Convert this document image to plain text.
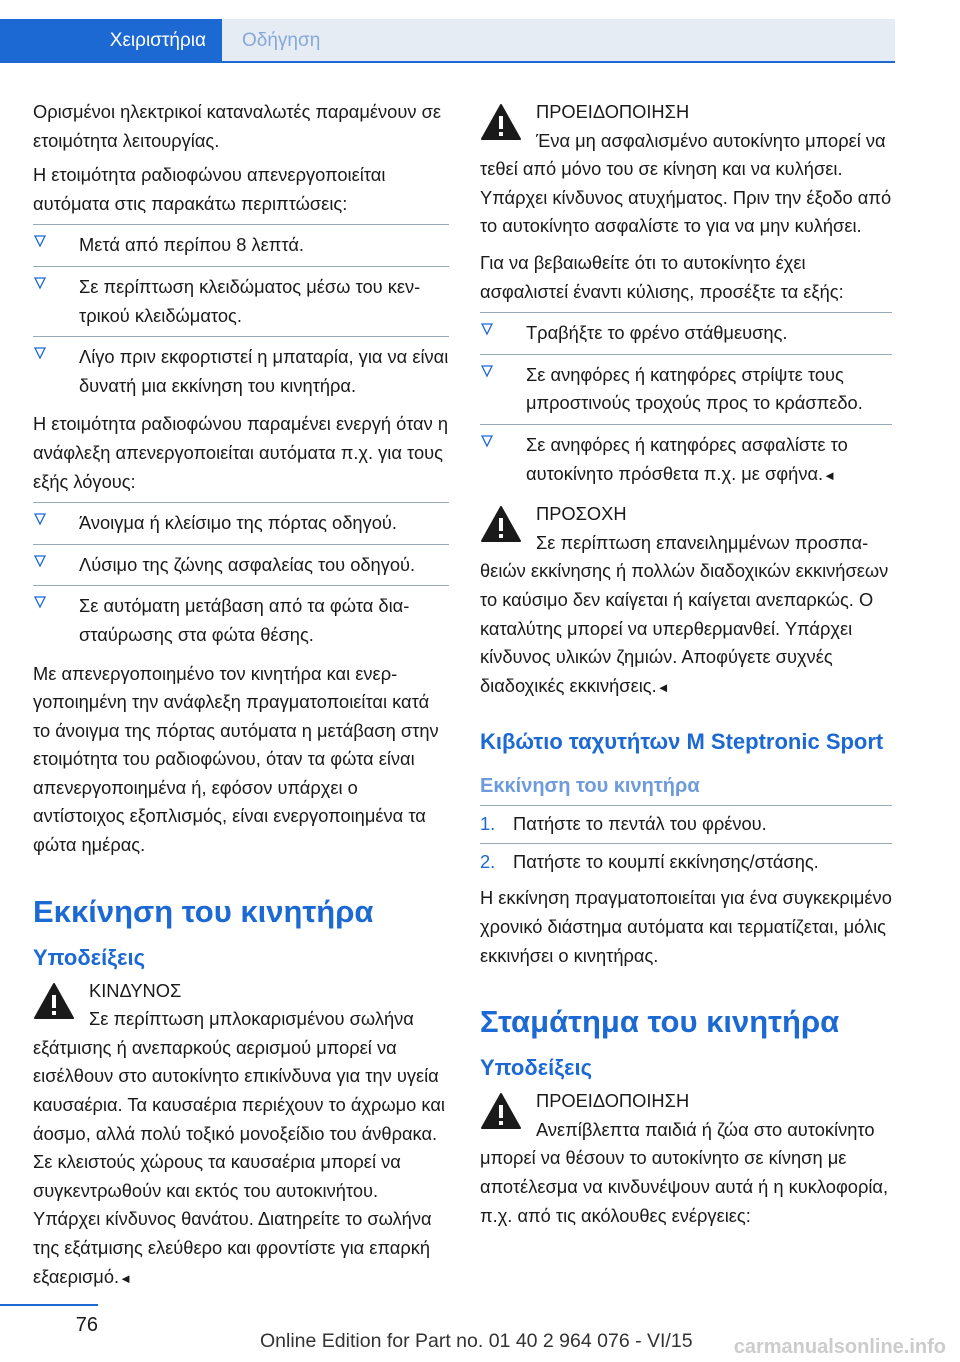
Χειριστήρια	Οδήγηση

Ορισμένοι ηλεκτρικοί καταναλωτές παραμένουν σε ετοιμότητα λειτουργίας.

Η ετοιμότητα ραδιοφώνου απενεργοποιείται αυτόματα στις παρακάτω περιπτώσεις:

Μετά από περίπου 8 λεπτά.
Σε περίπτωση κλειδώματος μέσω του κεντρικού κλειδώματος.
Λίγο πριν εκφορτιστεί η μπαταρία, για να είναι δυνατή μια εκκίνηση του κινητήρα.

Η ετοιμότητα ραδιοφώνου παραμένει ενεργή όταν η ανάφλεξη απενεργοποιείται αυτόματα π.χ. για τους εξής λόγους:

Άνοιγμα ή κλείσιμο της πόρτας οδηγού.
Λύσιμο της ζώνης ασφαλείας του οδηγού.
Σε αυτόματη μετάβαση από τα φώτα διασταύρωσης στα φώτα θέσης.

Με απενεργοποιημένο τον κινητήρα και ενεργοποιημένη την ανάφλεξη πραγματοποιείται κατά το άνοιγμα της πόρτας αυτόματα η μετάβαση στην ετοιμότητα του ραδιοφώνου, όταν τα φώτα είναι απενεργοποιημένα ή, εφόσον υπάρχει ο αντίστοιχος εξοπλισμός, είναι ενεργοποιημένα τα φώτα ημέρας.

Εκκίνηση του κινητήρα
Υποδείξεις
ΚΙΝΔΥΝΟΣ
Σε περίπτωση μπλοκαρισμένου σωλήνα εξάτμισης ή ανεπαρκούς αερισμού μπορεί να εισέλθουν στο αυτοκίνητο επικίνδυνα για την υγεία καυσαέρια. Τα καυσαέρια περιέχουν το άχρωμο και άοσμο, αλλά πολύ τοξικό μονοξείδιο του άνθρακα. Σε κλειστούς χώρους τα καυσαέρια μπορεί να συγκεντρωθούν και εκτός του αυτοκινήτου. Υπάρχει κίνδυνος θανάτου. Διατηρείτε το σωλήνα της εξάτμισης ελεύθερο και φροντίστε για επαρκή εξαερισμό.◄
ΠΡΟΕΙΔΟΠΟΙΗΣΗ
Ένα μη ασφαλισμένο αυτοκίνητο μπορεί να τεθεί από μόνο του σε κίνηση και να κυλήσει. Υπάρχει κίνδυνος ατυχήματος. Πριν την έξοδο από το αυτοκίνητο ασφαλίστε το για να μην κυλήσει.

Για να βεβαιωθείτε ότι το αυτοκίνητο έχει ασφαλιστεί έναντι κύλισης, προσέξτε τα εξής:

Τραβήξτε το φρένο στάθμευσης.
Σε ανηφόρες ή κατηφόρες στρίψτε τους μπροστινούς τροχούς προς το κράσπεδο.
Σε ανηφόρες ή κατηφόρες ασφαλίστε το αυτοκίνητο πρόσθετα π.χ. με σφήνα.◄
ΠΡΟΣΟΧΗ
Σε περίπτωση επανειλημμένων προσπαθειών εκκίνησης ή πολλών διαδοχικών εκκινήσεων το καύσιμο δεν καίγεται ή καίγεται ανεπαρκώς. Ο καταλύτης μπορεί να υπερθερμανθεί. Υπάρχει κίνδυνος υλικών ζημιών. Αποφύγετε συχνές διαδοχικές εκκινήσεις.◄
Κιβώτιο ταχυτήτων M Steptronic Sport
Εκκίνηση του κινητήρα
1. Πατήστε το πεντάλ του φρένου.
2. Πατήστε το κουμπί εκκίνησης/στάσης.

Η εκκίνηση πραγματοποιείται για ένα συγκεκριμένο χρονικό διάστημα αυτόματα και τερματίζεται, μόλις εκκινήσει ο κινητήρας.

Σταμάτημα του κινητήρα
Υποδείξεις
ΠΡΟΕΙΔΟΠΟΙΗΣΗ
Ανεπίβλεπτα παιδιά ή ζώα στο αυτοκίνητο μπορεί να θέσουν το αυτοκίνητο σε κίνηση με αποτέλεσμα να κινδυνέψουν αυτά ή η κυκλοφορία, π.χ. από τις ακόλουθες ενέργειες:
76
Online Edition for Part no. 01 40 2 964 076 - VI/15 carmanualsonline.info
